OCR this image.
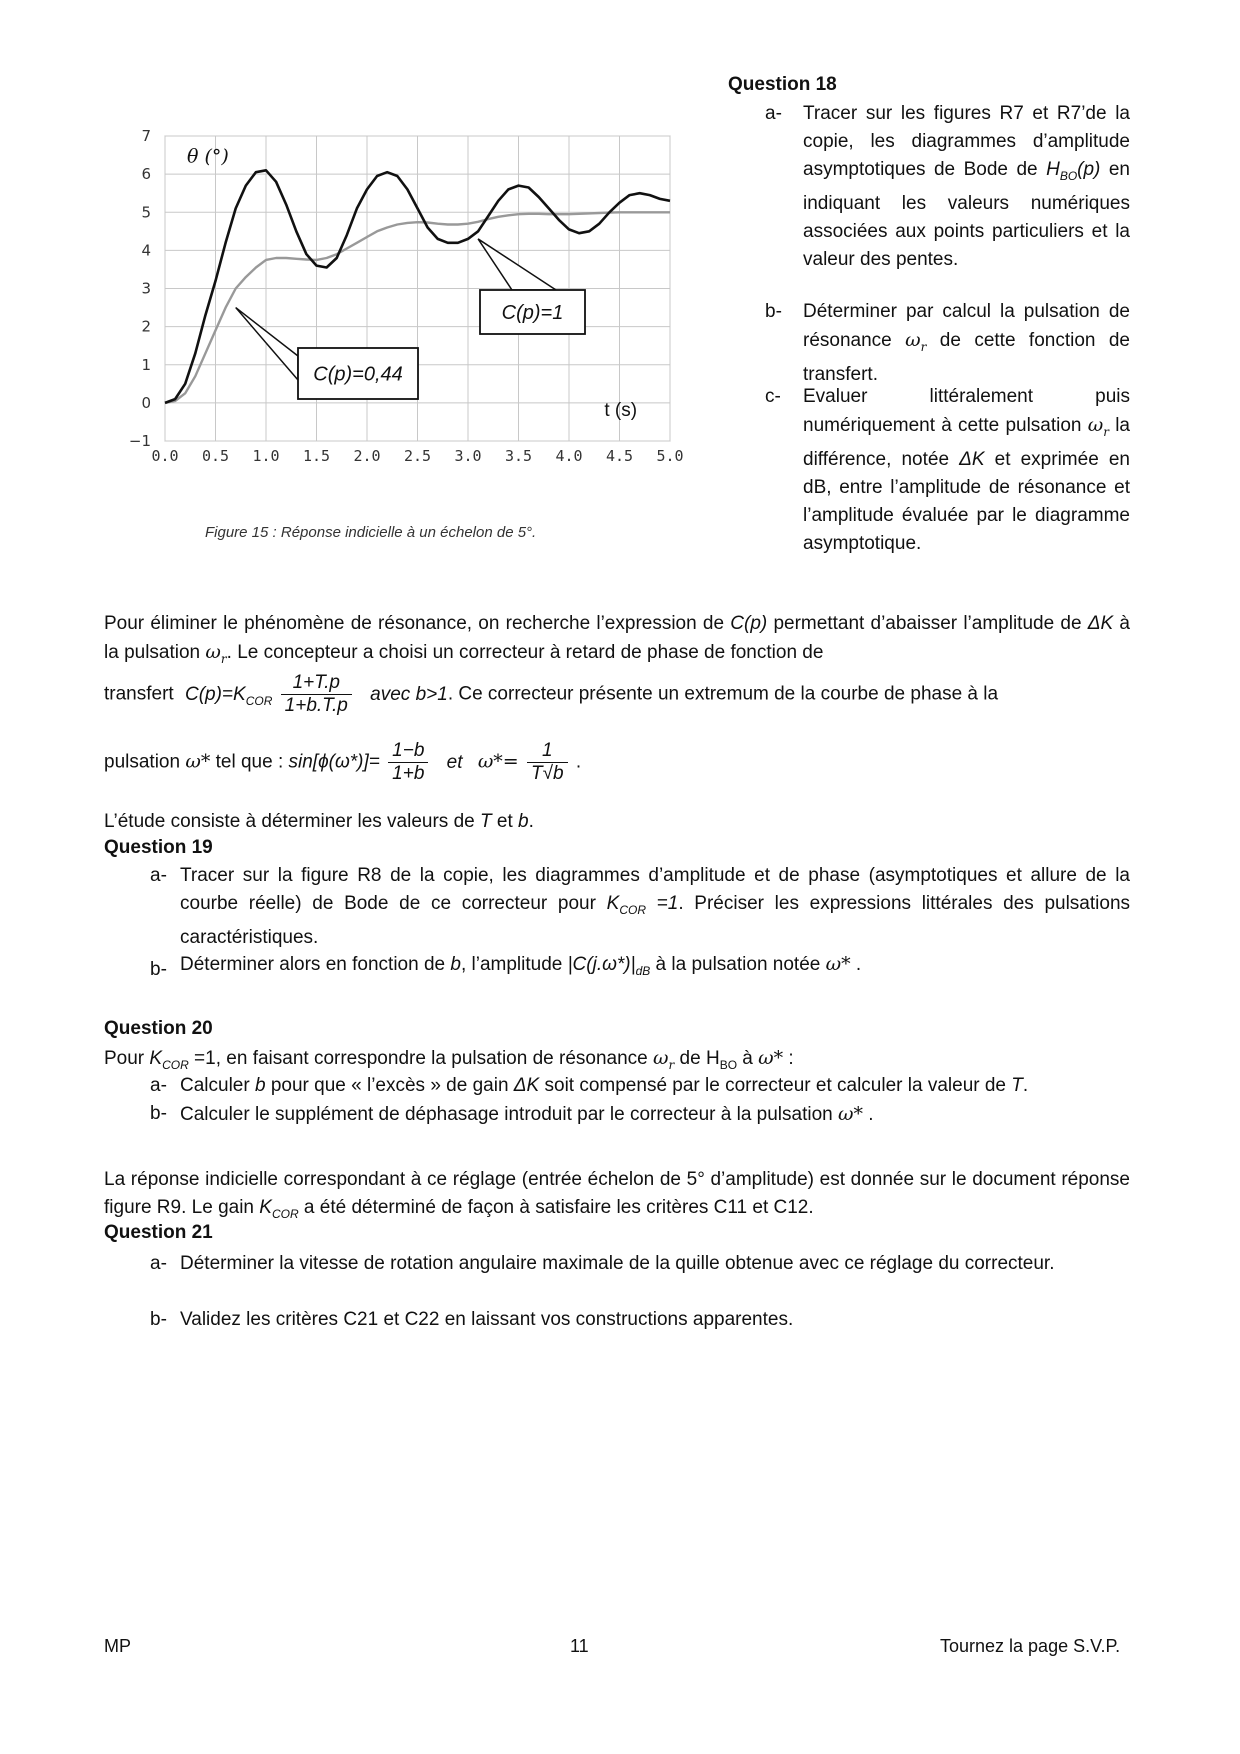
0.0 0.5 1.0 1.5 2.0 2.5 3.0 3.5 4.0 4.5 5.0
−1
0
1
2
3
4
5
6
7
θ (°)
t (s)
C(p)=1
C(p)=0,44
Figure 15 : Réponse indicielle à un échelon de 5°.
Question 18
a- Tracer sur les figures R7 et R7’de la copie, les diagrammes d’amplitude asymptotiques de Bode de $H_{BO}(p)$ en indiquant les valeurs numériques associées aux points particuliers et la valeur des pentes.
b- Déterminer par calcul la pulsation de résonance $\omega_r$ de cette fonction de transfert.
c- Evaluer littéralement puis numériquement à cette pulsation $\omega_r$ la différence, notée ΔK et exprimée en dB, entre l’amplitude de résonance et l’amplitude évaluée par le diagramme asymptotique.
Pour éliminer le phénomène de résonance, on recherche l’expression de C(p) permettant d’abaisser l’amplitude de ΔK à la pulsation $\omega_r$. Le concepteur a choisi un correcteur à retard de phase de fonction de
transfert $C(p)=K_{COR} \frac{1+T.p}{1+b.T.p}$ avec b>1. Ce correcteur présente un extremum de la courbe de phase à la
pulsation ω* tel que : $\sin[\phi(\omega*)]= \frac{1-b}{1+b}$ et $\omega*= \frac{1}{T√b}$ .
L’étude consiste à déterminer les valeurs de T et b.
Question 19
a- Tracer sur la figure R8 de la copie, les diagrammes d’amplitude et de phase (asymptotiques et allure de la courbe réelle) de Bode de ce correcteur pour $K_{COR} =1$. Préciser les expressions littérales des pulsations caractéristiques.
b- Déterminer alors en fonction de b, l’amplitude $|C(j.\omega*)|_{dB}$ à la pulsation notée ω* .
Question 20
Pour $K_{COR} =1$, en faisant correspondre la pulsation de résonance $\omega_r$ de $H_{BO}$ à ω* :
a- Calculer b pour que « l’excès » de gain ΔK soit compensé par le correcteur et calculer la valeur de T.
b- Calculer le supplément de déphasage introduit par le correcteur à la pulsation ω* .
La réponse indicielle correspondant à ce réglage (entrée échelon de 5° d’amplitude) est donnée sur le document réponse figure R9. Le gain $K_{COR}$ a été déterminé de façon à satisfaire les critères C11 et C12.
Question 21
a- Déterminer la vitesse de rotation angulaire maximale de la quille obtenue avec ce réglage du correcteur.
b- Validez les critères C21 et C22 en laissant vos constructions apparentes.
MP	11	Tournez la page S.V.P.
